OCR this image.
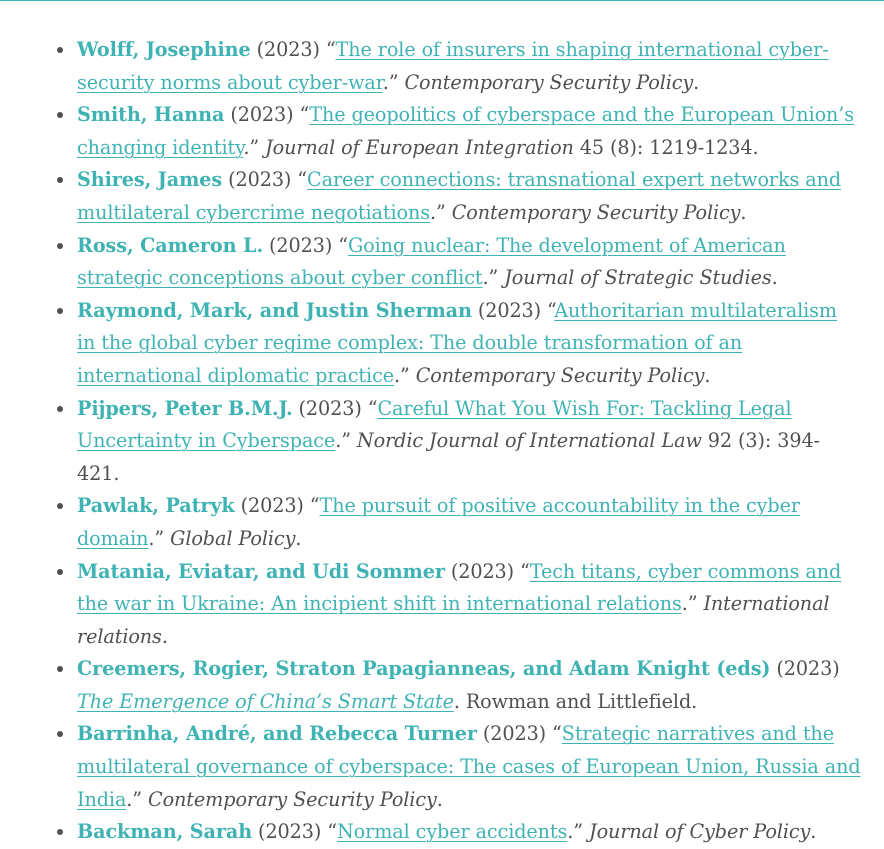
Wolff, Josephine (2023) “The role of insurers in shaping international cyber-security norms about cyber-war.” Contemporary Security Policy.
Smith, Hanna (2023) “The geopolitics of cyberspace and the European Union’s changing identity.” Journal of European Integration 45 (8): 1219-1234.
Shires, James (2023) “Career connections: transnational expert networks and multilateral cybercrime negotiations.” Contemporary Security Policy.
Ross, Cameron L. (2023) “Going nuclear: The development of American strategic conceptions about cyber conflict.” Journal of Strategic Studies.
Raymond, Mark, and Justin Sherman (2023) “Authoritarian multilateralism in the global cyber regime complex: The double transformation of an international diplomatic practice.” Contemporary Security Policy.
Pijpers, Peter B.M.J. (2023) “Careful What You Wish For: Tackling Legal Uncertainty in Cyberspace.” Nordic Journal of International Law 92 (3): 394-421.
Pawlak, Patryk (2023) “The pursuit of positive accountability in the cyber domain.” Global Policy.
Matania, Eviatar, and Udi Sommer (2023) “Tech titans, cyber commons and the war in Ukraine: An incipient shift in international relations.” International relations.
Creemers, Rogier, Straton Papagianneas, and Adam Knight (eds) (2023) The Emergence of China’s Smart State. Rowman and Littlefield.
Barrinha, André, and Rebecca Turner (2023) “Strategic narratives and the multilateral governance of cyberspace: The cases of European Union, Russia and India.” Contemporary Security Policy.
Backman, Sarah (2023) “Normal cyber accidents.” Journal of Cyber Policy.
